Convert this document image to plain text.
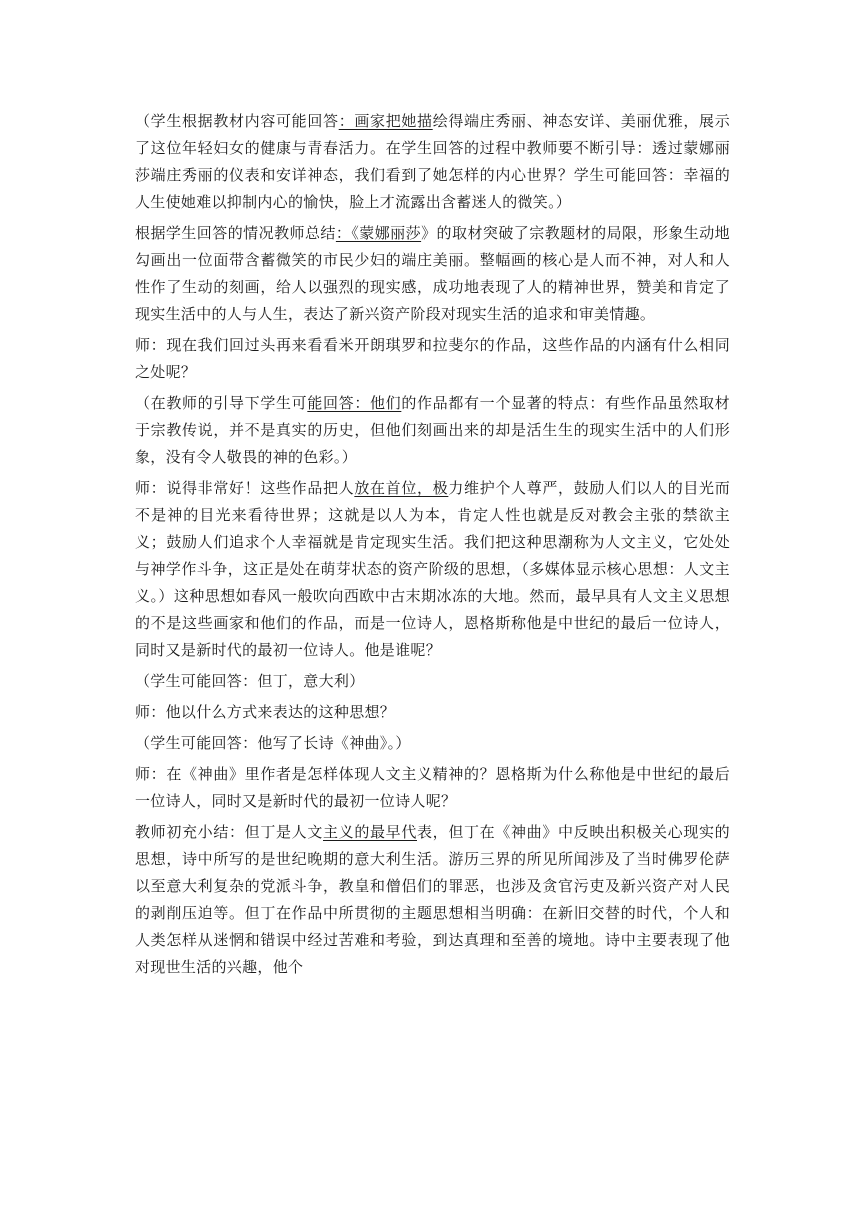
（学生根据教材内容可能回答：画家把她描绘得端庄秀丽、神态安详、美丽优雅，展示了这位年轻妇女的健康与青春活力。在学生回答的过程中教师要不断引导：透过蒙娜丽莎端庄秀丽的仪表和安详神态，我们看到了她怎样的内心世界？学生可能回答：幸福的人生使她难以抑制内心的愉快，脸上才流露出含蓄迷人的微笑。）

根据学生回答的情况教师总结：《蒙娜丽莎》的取材突破了宗教题材的局限，形象生动地勾画出一位面带含蓄微笑的市民少妇的端庄美丽。整幅画的核心是人而不神，对人和人性作了生动的刻画，给人以强烈的现实感，成功地表现了人的精神世界，赞美和肯定了现实生活中的人与人生，表达了新兴资产阶段对现实生活的追求和审美情趣。

师：现在我们回过头再来看看米开朗琪罗和拉斐尔的作品，这些作品的内涵有什么相同之处呢？

（在教师的引导下学生可能回答：他们的作品都有一个显著的特点：有些作品虽然取材于宗教传说，并不是真实的历史，但他们刻画出来的却是活生生的现实生活中的人们形象，没有令人敬畏的神的色彩。）

师：说得非常好！这些作品把人放在首位，极力维护个人尊严，鼓励人们以人的目光而不是神的目光来看待世界；这就是以人为本，肯定人性也就是反对教会主张的禁欲主义；鼓励人们追求个人幸福就是肯定现实生活。我们把这种思潮称为人文主义，它处处与神学作斗争，这正是处在萌芽状态的资产阶级的思想，（多媒体显示核心思想：人文主义。）这种思想如春风一般吹向西欧中古末期冰冻的大地。然而，最早具有人文主义思想的不是这些画家和他们的作品，而是一位诗人，恩格斯称他是中世纪的最后一位诗人，同时又是新时代的最初一位诗人。他是谁呢？

（学生可能回答：但丁，意大利）

师：他以什么方式来表达的这种思想？

（学生可能回答：他写了长诗《神曲》。）

师：在《神曲》里作者是怎样体现人文主义精神的？恩格斯为什么称他是中世纪的最后一位诗人，同时又是新时代的最初一位诗人呢？

教师初充小结：但丁是人文主义的最早代表，但丁在《神曲》中反映出积极关心现实的思想，诗中所写的是世纪晚期的意大利生活。游历三界的所见所闻涉及了当时佛罗伦萨以至意大利复杂的党派斗争，教皇和僧侣们的罪恶，也涉及贪官污吏及新兴资产对人民的剥削压迫等。但丁在作品中所贯彻的主题思想相当明确：在新旧交替的时代，个人和人类怎样从迷惘和错误中经过苦难和考验，到达真理和至善的境地。诗中主要表现了他对现世生活的兴趣，他个
